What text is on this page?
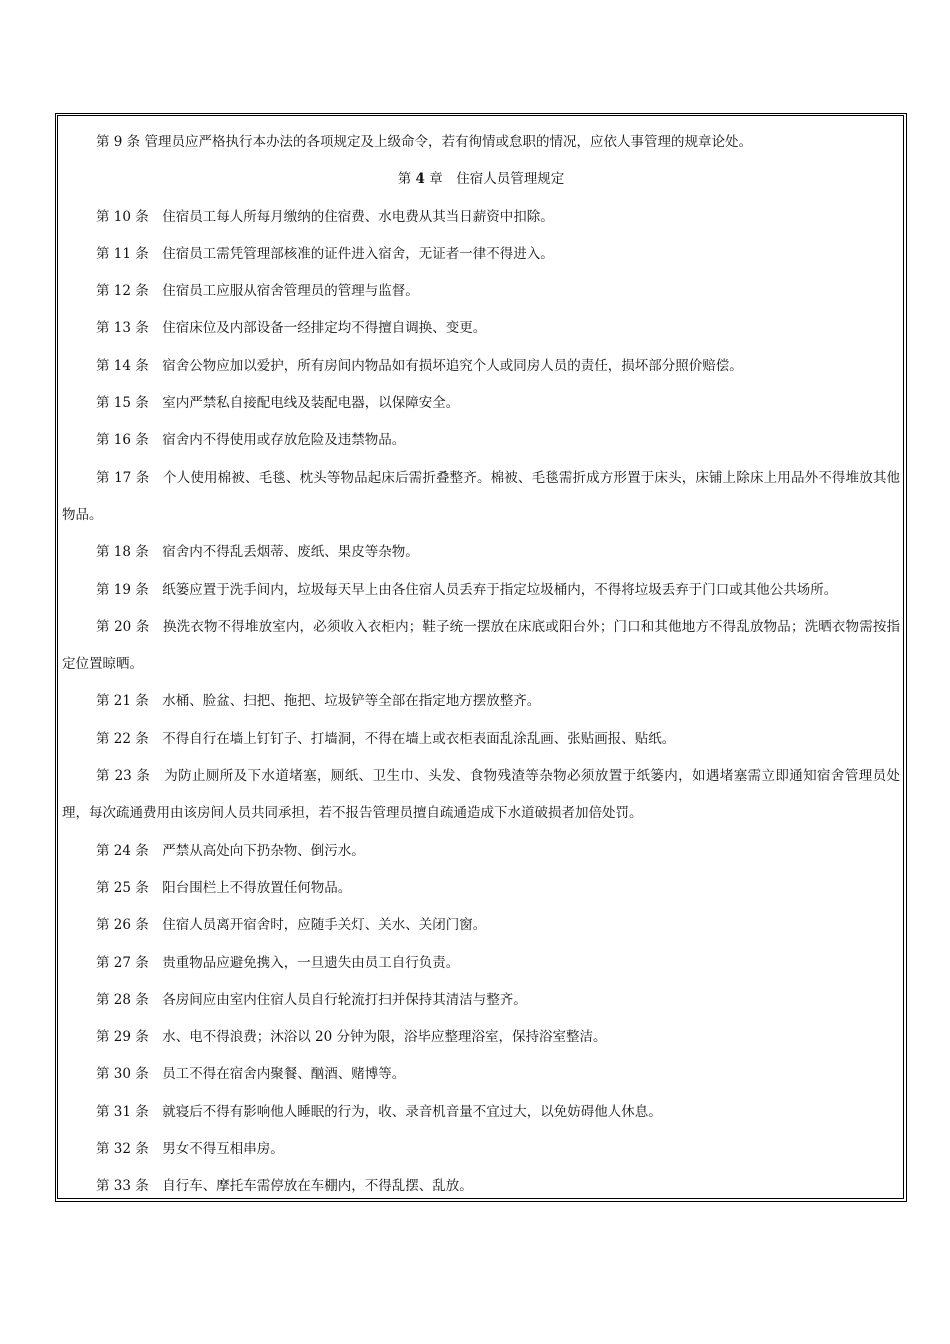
第 9 条 管理员应严格执行本办法的各项规定及上级命令，若有徇情或怠职的情况，应依人事管理的规章论处。

第 4 章　住宿人员管理规定

第 10 条　住宿员工每人所每月缴纳的住宿费、水电费从其当日薪资中扣除。

第 11 条　住宿员工需凭管理部核准的证件进入宿舍，无证者一律不得进入。

第 12 条　住宿员工应服从宿舍管理员的管理与监督。

第 13 条　住宿床位及内部设备一经排定均不得擅自调换、变更。

第 14 条　宿舍公物应加以爱护，所有房间内物品如有损坏追究个人或同房人员的责任，损坏部分照价赔偿。

第 15 条　室内严禁私自接配电线及装配电器，以保障安全。

第 16 条　宿舍内不得使用或存放危险及违禁物品。

第 17 条　个人使用棉被、毛毯、枕头等物品起床后需折叠整齐。棉被、毛毯需折成方形置于床头，床铺上除床上用品外不得堆放其他物品。

第 18 条　宿舍内不得乱丢烟蒂、废纸、果皮等杂物。

第 19 条　纸篓应置于洗手间内，垃圾每天早上由各住宿人员丢弃于指定垃圾桶内，不得将垃圾丢弃于门口或其他公共场所。

第 20 条　换洗衣物不得堆放室内，必须收入衣柜内；鞋子统一摆放在床底或阳台外；门口和其他地方不得乱放物品；洗晒衣物需按指定位置晾晒。

第 21 条　水桶、脸盆、扫把、拖把、垃圾铲等全部在指定地方摆放整齐。

第 22 条　不得自行在墙上钉钉子、打墙洞，不得在墙上或衣柜表面乱涂乱画、张贴画报、贴纸。

第 23 条　为防止厕所及下水道堵塞，厕纸、卫生巾、头发、食物残渣等杂物必须放置于纸篓内，如遇堵塞需立即通知宿舍管理员处理，每次疏通费用由该房间人员共同承担，若不报告管理员擅自疏通造成下水道破损者加倍处罚。

第 24 条　严禁从高处向下扔杂物、倒污水。

第 25 条　阳台围栏上不得放置任何物品。

第 26 条　住宿人员离开宿舍时，应随手关灯、关水、关闭门窗。

第 27 条　贵重物品应避免携入，一旦遗失由员工自行负责。

第 28 条　各房间应由室内住宿人员自行轮流打扫并保持其清洁与整齐。

第 29 条　水、电不得浪费；沐浴以 20 分钟为限，浴毕应整理浴室，保持浴室整洁。

第 30 条　员工不得在宿舍内聚餐、酗酒、赌博等。

第 31 条　就寝后不得有影响他人睡眠的行为，收、录音机音量不宜过大，以免妨碍他人休息。

第 32 条　男女不得互相串房。

第 33 条　自行车、摩托车需停放在车棚内，不得乱摆、乱放。
